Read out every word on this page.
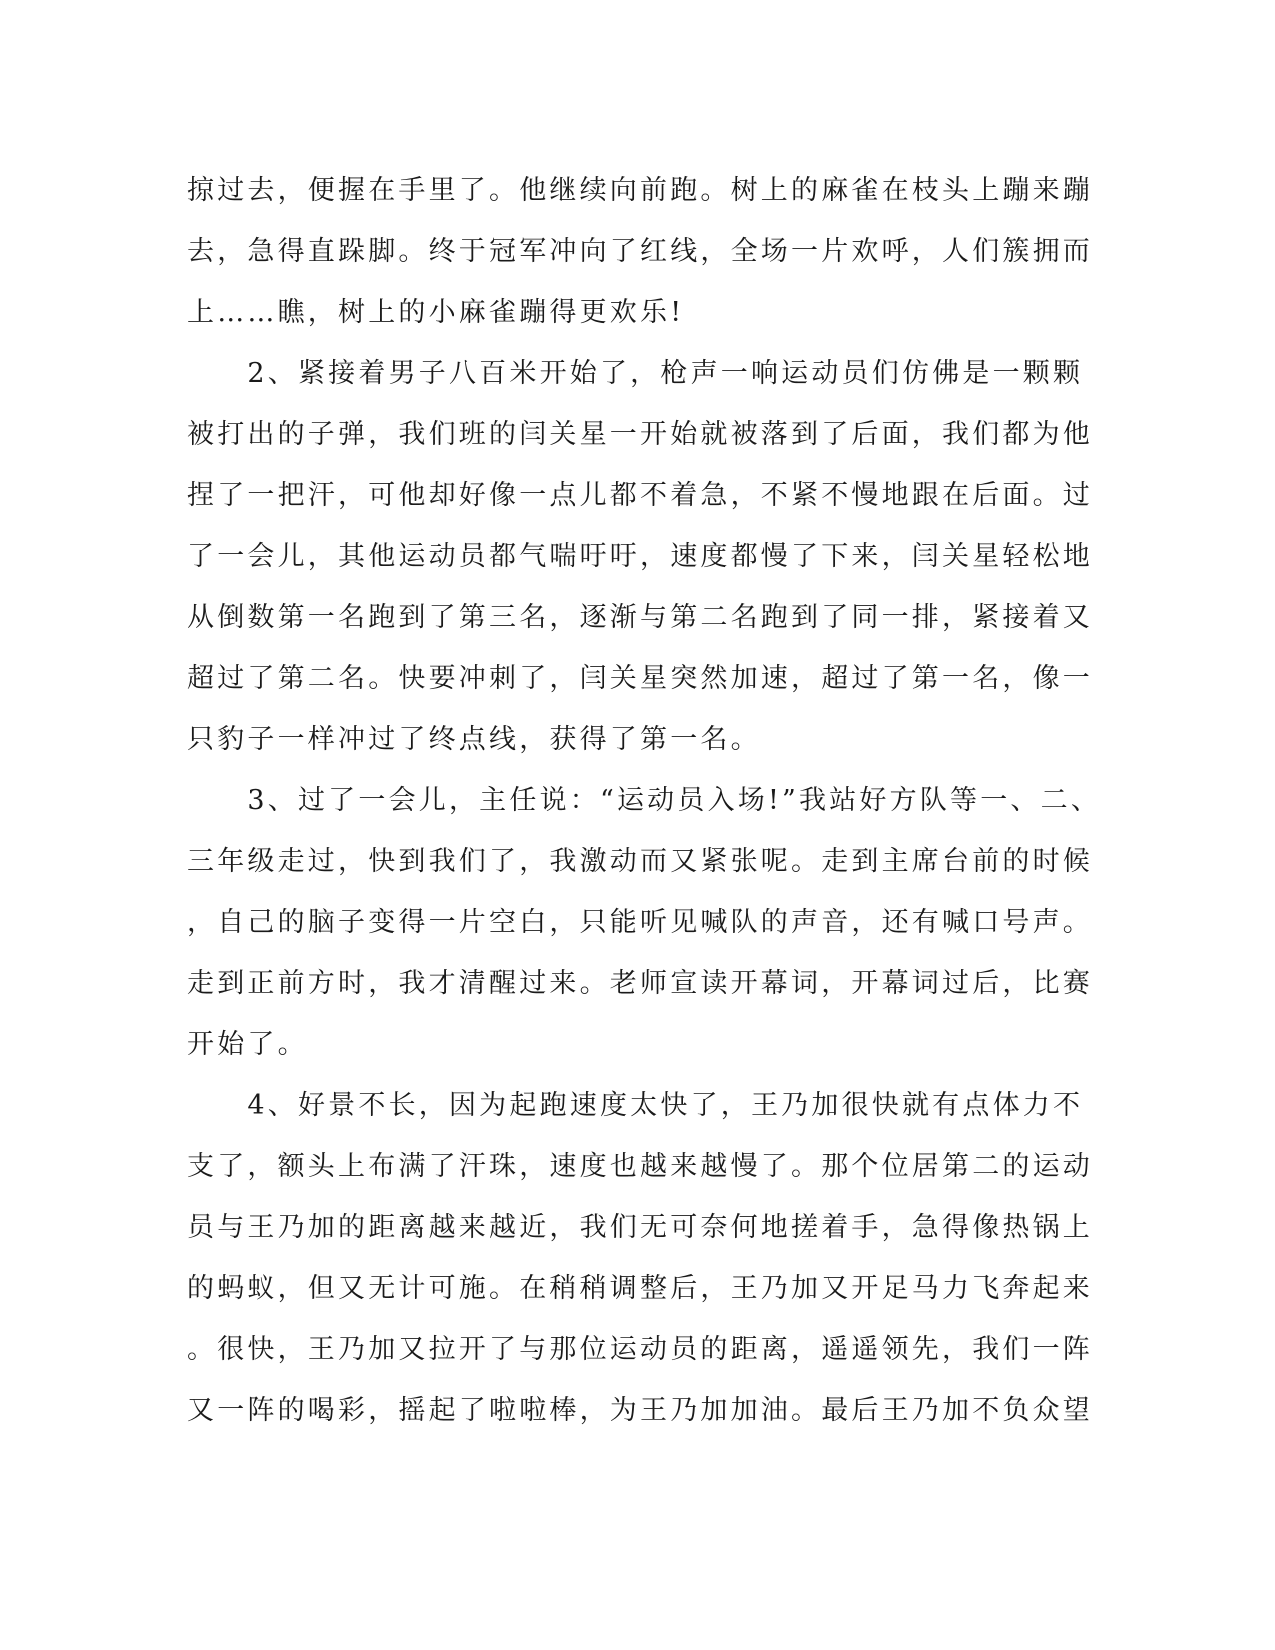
掠过去，便握在手里了。他继续向前跑。树上的麻雀在枝头上蹦来蹦
去，急得直跺脚。终于冠军冲向了红线，全场一片欢呼，人们簇拥而
上……瞧，树上的小麻雀蹦得更欢乐!

　　2、紧接着男子八百米开始了，枪声一响运动员们仿佛是一颗颗
被打出的子弹，我们班的闫关星一开始就被落到了后面，我们都为他
捏了一把汗，可他却好像一点儿都不着急，不紧不慢地跟在后面。过
了一会儿，其他运动员都气喘吁吁，速度都慢了下来，闫关星轻松地
从倒数第一名跑到了第三名，逐渐与第二名跑到了同一排，紧接着又
超过了第二名。快要冲刺了，闫关星突然加速，超过了第一名，像一
只豹子一样冲过了终点线，获得了第一名。

　　3、过了一会儿，主任说：“运动员入场!”我站好方队等一、二、
三年级走过，快到我们了，我激动而又紧张呢。走到主席台前的时候
，自己的脑子变得一片空白，只能听见喊队的声音，还有喊口号声。
走到正前方时，我才清醒过来。老师宣读开幕词，开幕词过后，比赛
开始了。

　　4、好景不长，因为起跑速度太快了，王乃加很快就有点体力不
支了，额头上布满了汗珠，速度也越来越慢了。那个位居第二的运动
员与王乃加的距离越来越近，我们无可奈何地搓着手，急得像热锅上
的蚂蚁，但又无计可施。在稍稍调整后，王乃加又开足马力飞奔起来
。很快，王乃加又拉开了与那位运动员的距离，遥遥领先，我们一阵
又一阵的喝彩，摇起了啦啦棒，为王乃加加油。最后王乃加不负众望
